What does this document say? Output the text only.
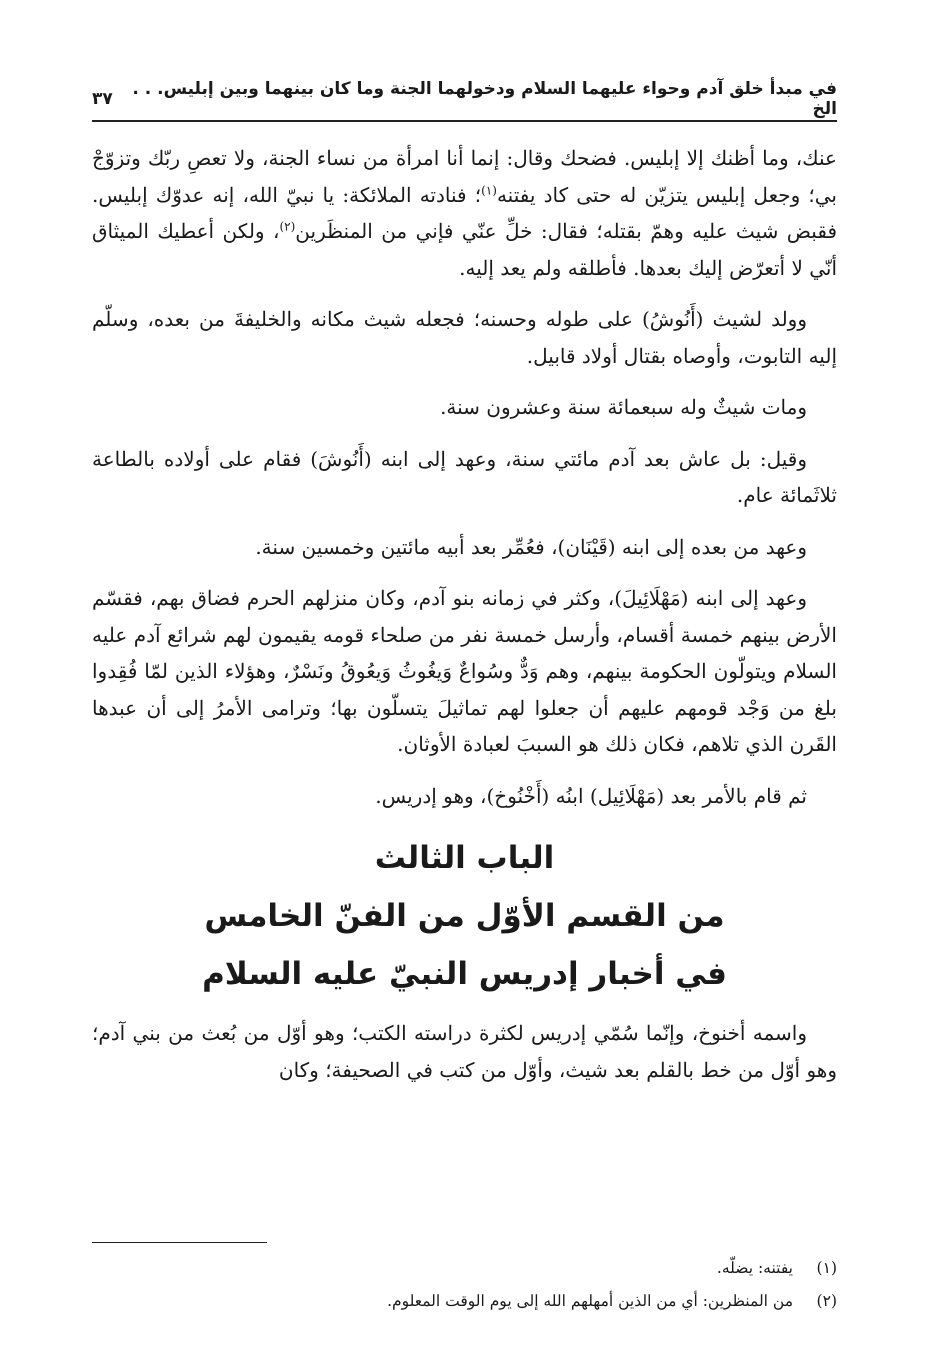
في مبدأ خلق آدم وحواء عليهما السلام ودخولهما الجنة وما كان بينهما وبين إبليس. . . الخ
٣٧

عنك، وما أظنك إلا إبليس. فضحك وقال: إنما أنا امرأة من نساء الجنة، ولا تعصِ ربّك وتزوّجْ بي؛ وجعل إبليس يتزيّن له حتى كاد يفتنه$^{(١)}$؛ فنادته الملائكة: يا نبيّ الله، إنه عدوّك إبليس. فقبض شيث عليه وهمّ بقتله؛ فقال: خلِّ عنّي فإني من المنظَرين$^{(٢)}$، ولكن أعطيك الميثاق أنّي لا أتعرّض إليك بعدها. فأطلقه ولم يعد إليه.

وولد لشيث (أَنُوشُ) على طوله وحسنه؛ فجعله شيث مكانه والخليفةَ من بعده، وسلّم إليه التابوت، وأوصاه بقتال أولاد قابيل.

ومات شيثٌ وله سبعمائة سنة وعشرون سنة.

وقيل: بل عاش بعد آدم مائتي سنة، وعهد إلى ابنه (أَنُوشَ) فقام على أولاده بالطاعة ثلاثَمائة عام.

وعهد من بعده إلى ابنه (قَيْنَان)، فعُمِّر بعد أبيه مائتين وخمسين سنة.

وعهد إلى ابنه (مَهْلَائِيلَ)، وكثر في زمانه بنو آدم، وكان منزلهم الحرم فضاق بهم، فقسّم الأرض بينهم خمسة أقسام، وأرسل خمسة نفر من صلحاء قومه يقيمون لهم شرائع آدم عليه السلام ويتولّون الحكومة بينهم، وهم وَدٌّ وسُواعٌ وَيغُوثُ وَيعُوقُ ونَسْرٌ، وهؤلاء الذين لمّا فُقِدوا بلغ من وَجْد قومهم عليهم أن جعلوا لهم تماثيلَ يتسلّون بها؛ وترامى الأمرُ إلى أن عبدها القَرن الذي تلاهم، فكان ذلك هو السببَ لعبادة الأوثان.

ثم قام بالأمر بعد (مَهْلَائِيل) ابنُه (أَخْنُوخ)، وهو إدريس.

الباب الثالث
من القسم الأوّل من الفنّ الخامس
في أخبار إدريس النبيّ عليه السلام

واسمه أخنوخ، وإنّما سُمّي إدريس لكثرة دراسته الكتب؛ وهو أوّل من بُعث من بني آدم؛ وهو أوّل من خط بالقلم بعد شيث، وأوّل من كتب في الصحيفة؛ وكان

(١)
يفتنه: يضلّه.
(٢)
من المنظرين: أي من الذين أمهلهم الله إلى يوم الوقت المعلوم.
